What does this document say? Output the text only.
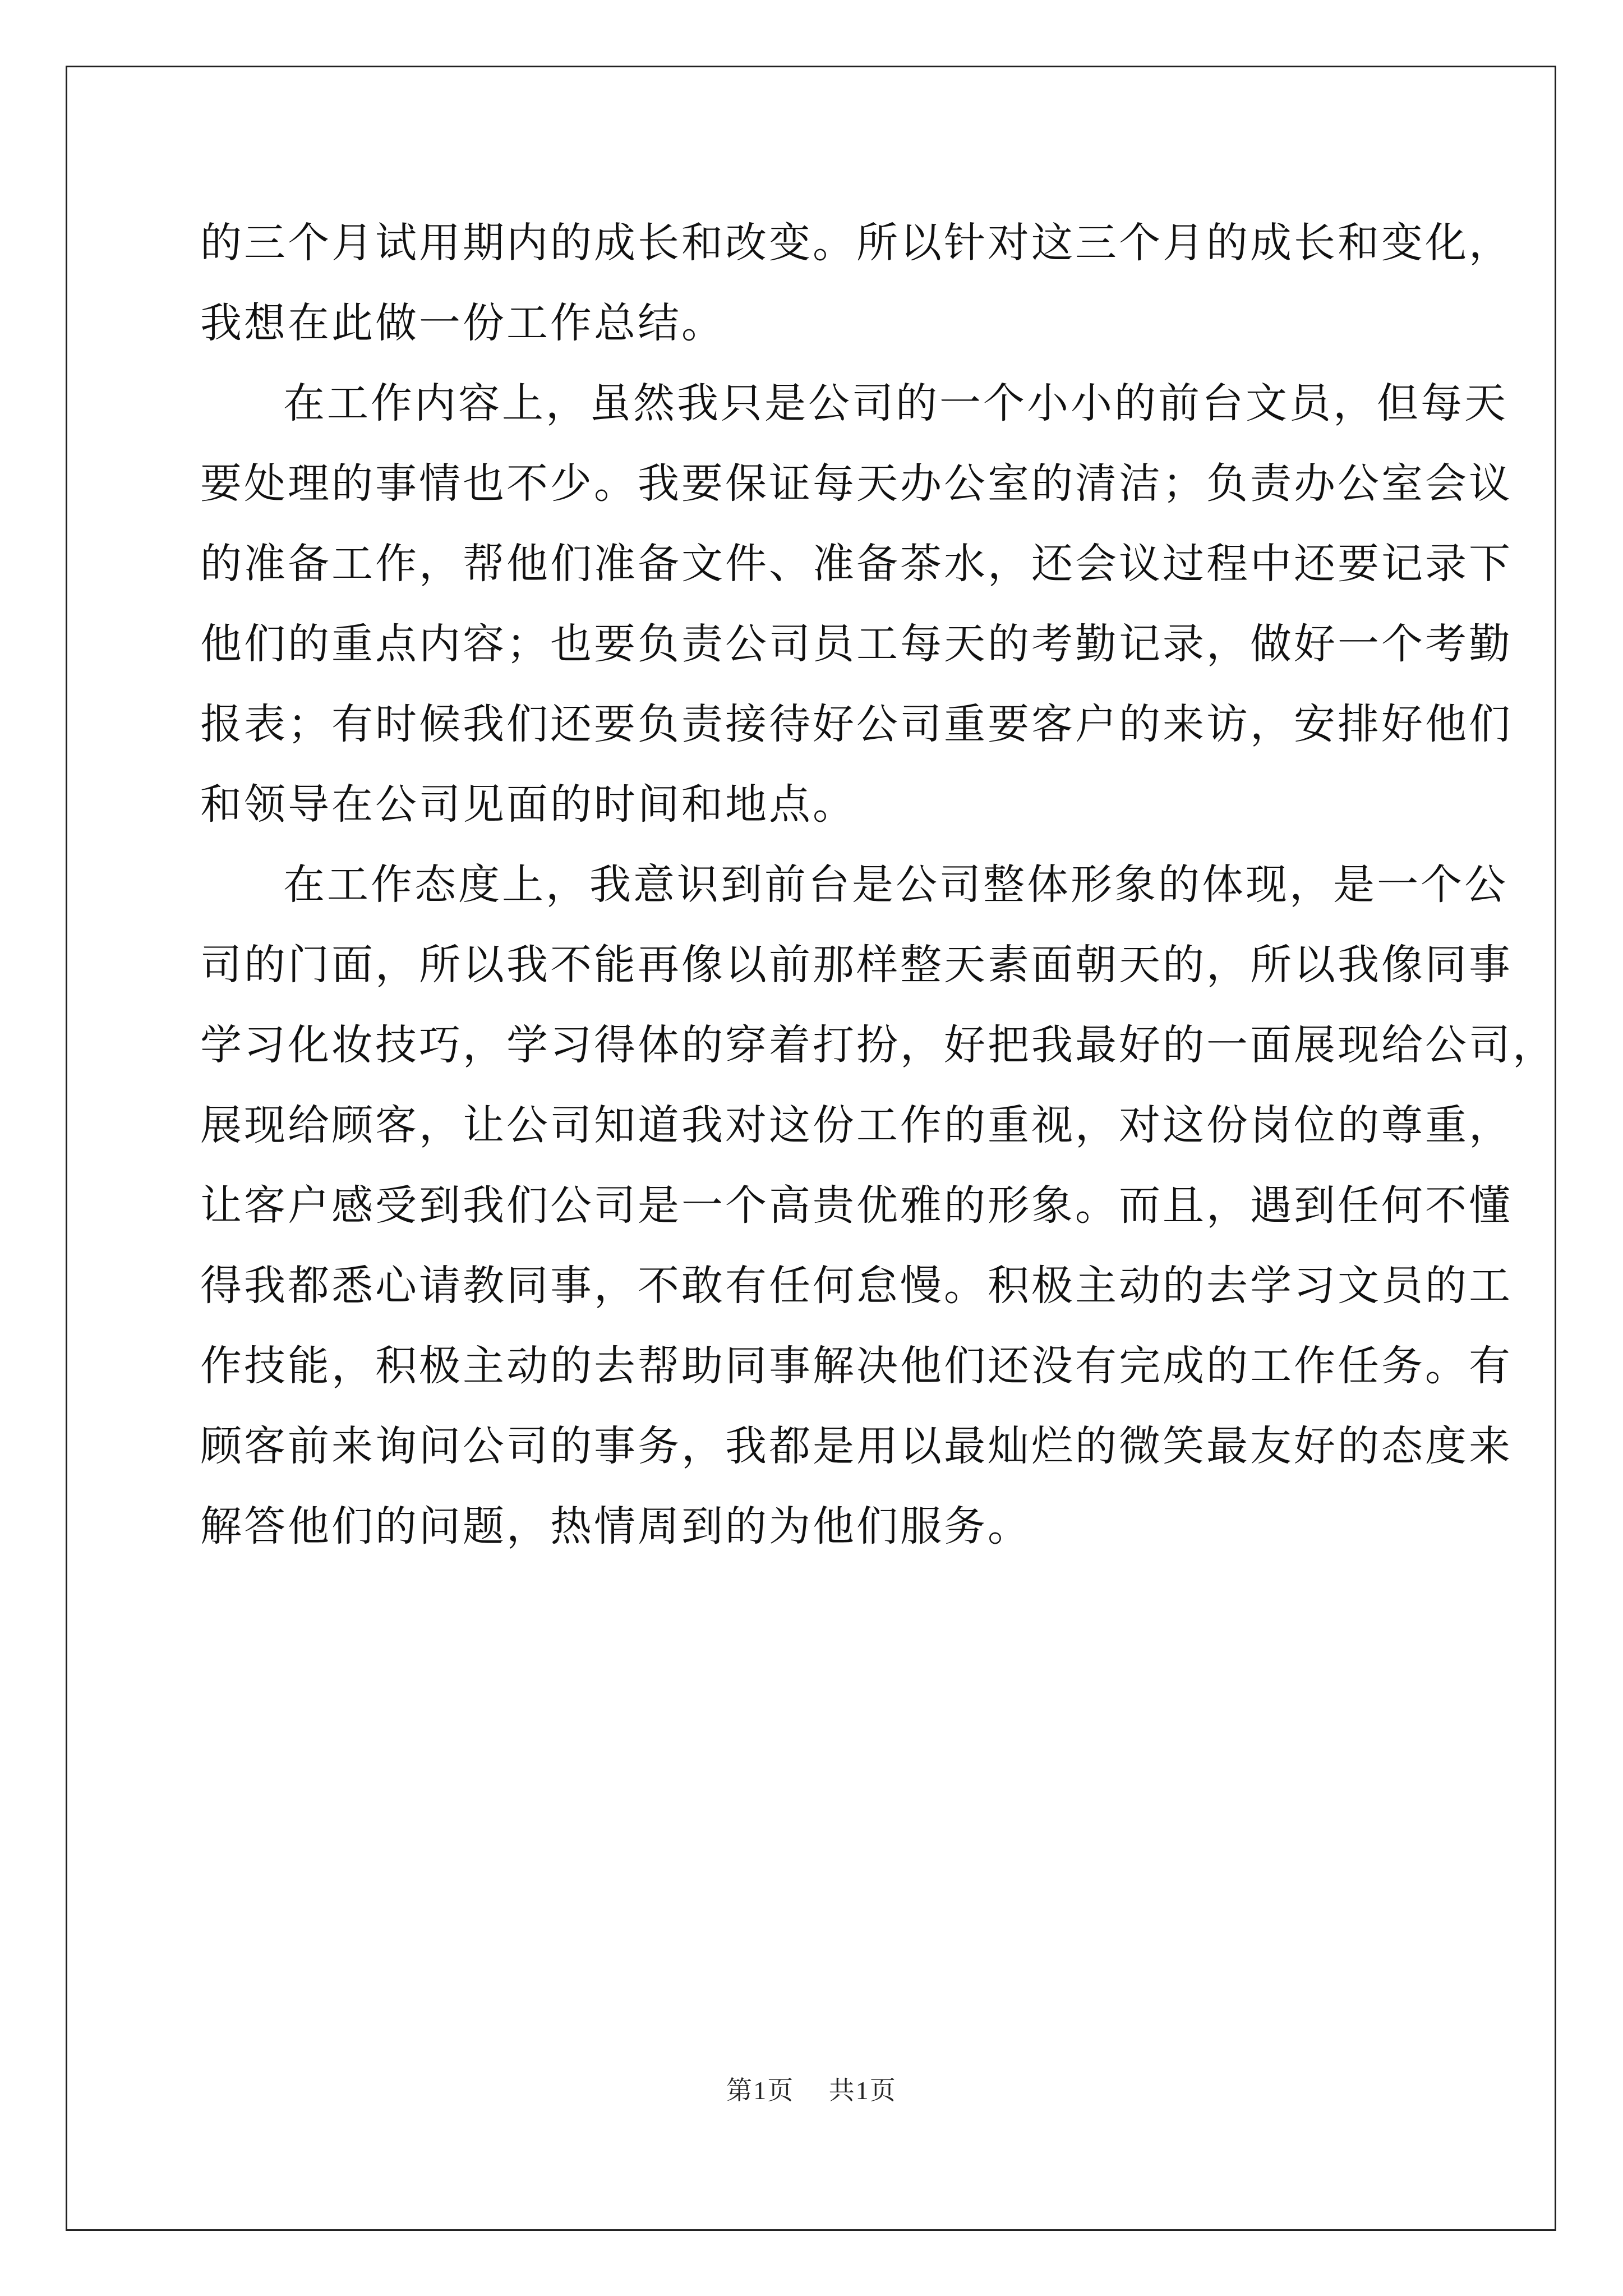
的三个月试用期内的成长和改变。所以针对这三个月的成长和变化，
我想在此做一份工作总结。
在工作内容上，虽然我只是公司的一个小小的前台文员，但每天
要处理的事情也不少。我要保证每天办公室的清洁；负责办公室会议
的准备工作，帮他们准备文件、准备茶水，还会议过程中还要记录下
他们的重点内容；也要负责公司员工每天的考勤记录，做好一个考勤
报表；有时候我们还要负责接待好公司重要客户的来访，安排好他们
和领导在公司见面的时间和地点。
在工作态度上，我意识到前台是公司整体形象的体现，是一个公
司的门面，所以我不能再像以前那样整天素面朝天的，所以我像同事
学习化妆技巧，学习得体的穿着打扮，好把我最好的一面展现给公司，
展现给顾客，让公司知道我对这份工作的重视，对这份岗位的尊重，
让客户感受到我们公司是一个高贵优雅的形象。而且，遇到任何不懂
得我都悉心请教同事，不敢有任何怠慢。积极主动的去学习文员的工
作技能，积极主动的去帮助同事解决他们还没有完成的工作任务。有
顾客前来询问公司的事务，我都是用以最灿烂的微笑最友好的态度来
解答他们的问题，热情周到的为他们服务。
第1页 共1页
